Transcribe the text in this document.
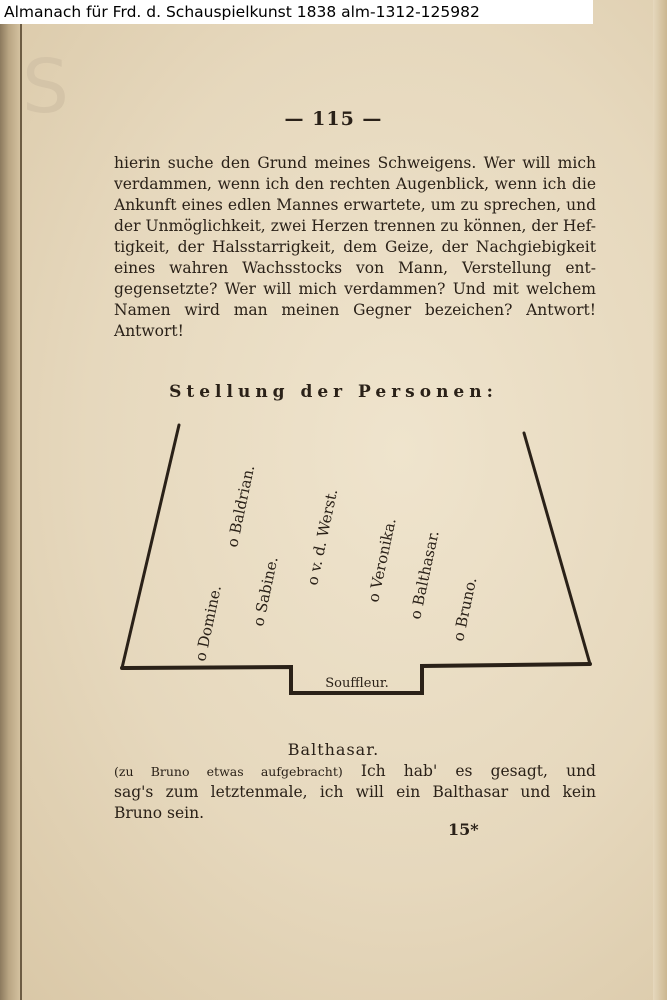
S	— 115 —
hierin suche den Grund meines Schweigens. Wer will mich
verdammen, wenn ich den rechten Augenblick, wenn ich die
Ankunft eines edlen Mannes erwartete, um zu sprechen, und
der Unmöglichkeit, zwei Herzen trennen zu können, der Hef-
tigkeit, der Halsstarrigkeit, dem Geize, der Nachgiebigkeit
eines wahren Wachsstocks von Mann, Verstellung ent-
gegensetzte? Wer will mich verdammen? Und mit welchem
Namen wird man meinen Gegner bezeichen? Antwort!
Antwort!
Stellung der Personen:
Souffleur.
o Domine.
o Baldrian.
o Sabine.
o v. d. Werst. o Veronika. o Balthasar. o Bruno.
Balthasar.
(zu Bruno etwas aufgebracht) Ich hab' es gesagt, und
sag's zum letztenmale, ich will ein Balthasar und kein
Bruno sein.
15*
Almanach für Frd. d. Schauspielkunst 1838 alm-1312-125982
